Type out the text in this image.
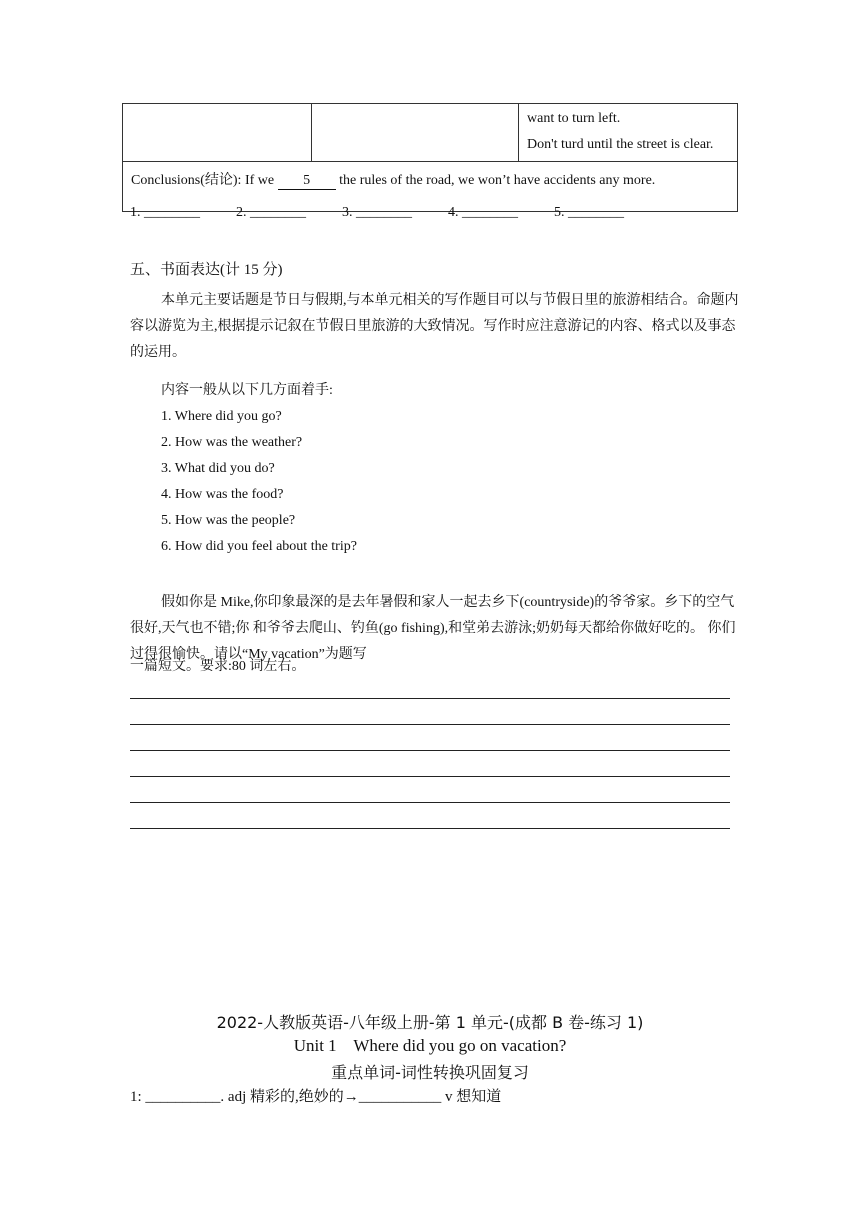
want to turn left.
Don't turd until the street is clear.

Conclusions(结论): If we 5 the rules of the road, we won’t have accidents any more.
1. ________	2. ________	3. ________	4. ________	5. ________
五、书面表达(计 15 分)
本单元主要话题是节日与假期,与本单元相关的写作题目可以与节假日里的旅游相结合。命题内容以游览为主,根据提示记叙在节假日里旅游的大致情况。写作时应注意游记的内容、格式以及事态的运用。
内容一般从以下几方面着手:
1. Where did you go?
2. How was the weather?
3. What did you do?
4. How was the food?
5. How was the people?
6. How did you feel about the trip?
假如你是 Mike,你印象最深的是去年暑假和家人一起去乡下(countryside)的爷爷家。乡下的空气很好,天气也不错;你 和爷爷去爬山、钓鱼(go fishing),和堂弟去游泳;奶奶每天都给你做好吃的。 你们过得很愉快。请以“My vacation”为题写
一篇短文。要求:80 词左右。
2022-人教版英语-八年级上册-第 1 单元-(成都 B 卷-练习 1)
Unit 1    Where did you go on vacation?
重点单词-词性转换巩固复习
1: __________. adj 精彩的,绝妙的→___________ v 想知道
